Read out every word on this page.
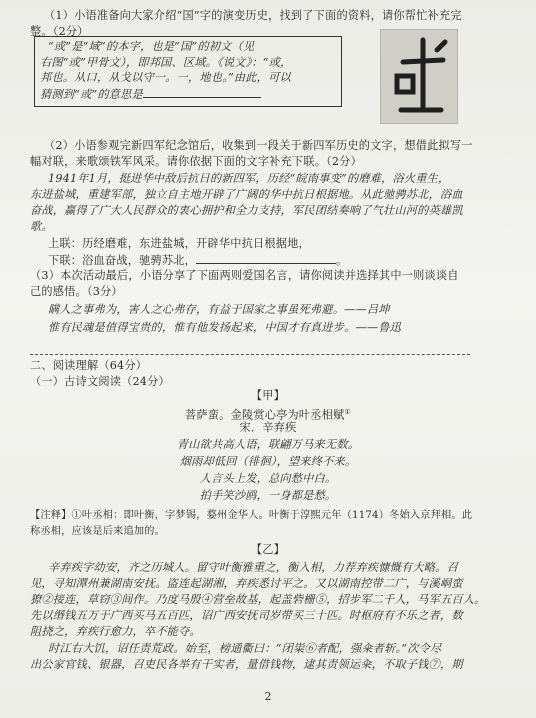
（1）小语准备向大家介绍“国”字的演变历史，找到了下面的资料，请你帮忙补充完
整。（2分）
“或”是“域”的本字，也是“国”的初文（见
右图“或”甲骨文），即邦国、区域。《说文》：“或，
邦也。从口，从戈以守一。一，地也。”由此，可以
猜测到“或”的意思是
（2）小语参观完新四军纪念馆后，收集到一段关于新四军历史的文字，想借此拟写一
幅对联，来歌颂铁军风采。请你依据下面的文字补充下联。（2分）
1941年1月，挺进华中敌后抗日的新四军，历经“皖南事变”的磨难，浴火重生，
东进盐城，重建军部，独立自主地开辟了广阔的华中抗日根据地。从此驰骋苏北，浴血
奋战，赢得了广大人民群众的衷心拥护和全力支持，军民团结奏响了气壮山河的英雄凯
歌。
上联：历经磨难，东进盐城，开辟华中抗日根据地，
下联：浴血奋战，驰骋苏北，	。
（3）本次活动最后，小语分享了下面两则爱国名言，请你阅读并选择其中一则谈谈自
己的感悟。（3分）
瞒人之事弗为，害人之心弗存，有益于国家之事虽死弗避。——吕坤
惟有民魂是值得宝贵的，惟有他发扬起来，中国才有真进步。——鲁迅
二、阅读理解（64分）
（一）古诗文阅读（24分）
【甲】
菩萨蛮。金陵赏心亭为叶丞相赋①
宋．辛弃疾
青山欲共高人语，联翩万马来无数。
烟雨却低回（徘徊），望来终不来。
人言头上发，总向愁中白。
拍手笑沙鸥，一身都是愁。
【注释】①叶丞相：即叶衡，字梦锡，婺州金华人。叶衡于淳熙元年（1174）冬始入京拜相。此
称丞相，应该是后来追加的。
【乙】
辛弃疾字幼安，齐之历城人。留守叶衡雅重之，衡入相，力荐弃疾慷慨有大略。召
见，寻知潭州兼湖南安抚。盗连起湖湘，弃疾悉讨平之。又以湖南控带二广，与溪峒蛮
獠②接连，草窃③间作。乃度马殷④营垒故基，起盖砦栅⑤，招步军二千人，马军五百人。
先以缗钱五万于广西买马五百匹，诏广西安抚司岁带买三十匹。时枢府有不乐之者，数
阻挠之，弃疾行愈力，卒不能夺。
时江右大饥，诏任责荒政。始至，榜通衢曰：“闭粜⑥者配，强籴者斩。”次令尽
出公家官钱、银器，召吏民各举有干实者，量借钱物，逮其责领运籴，不取子钱⑦，期
2
